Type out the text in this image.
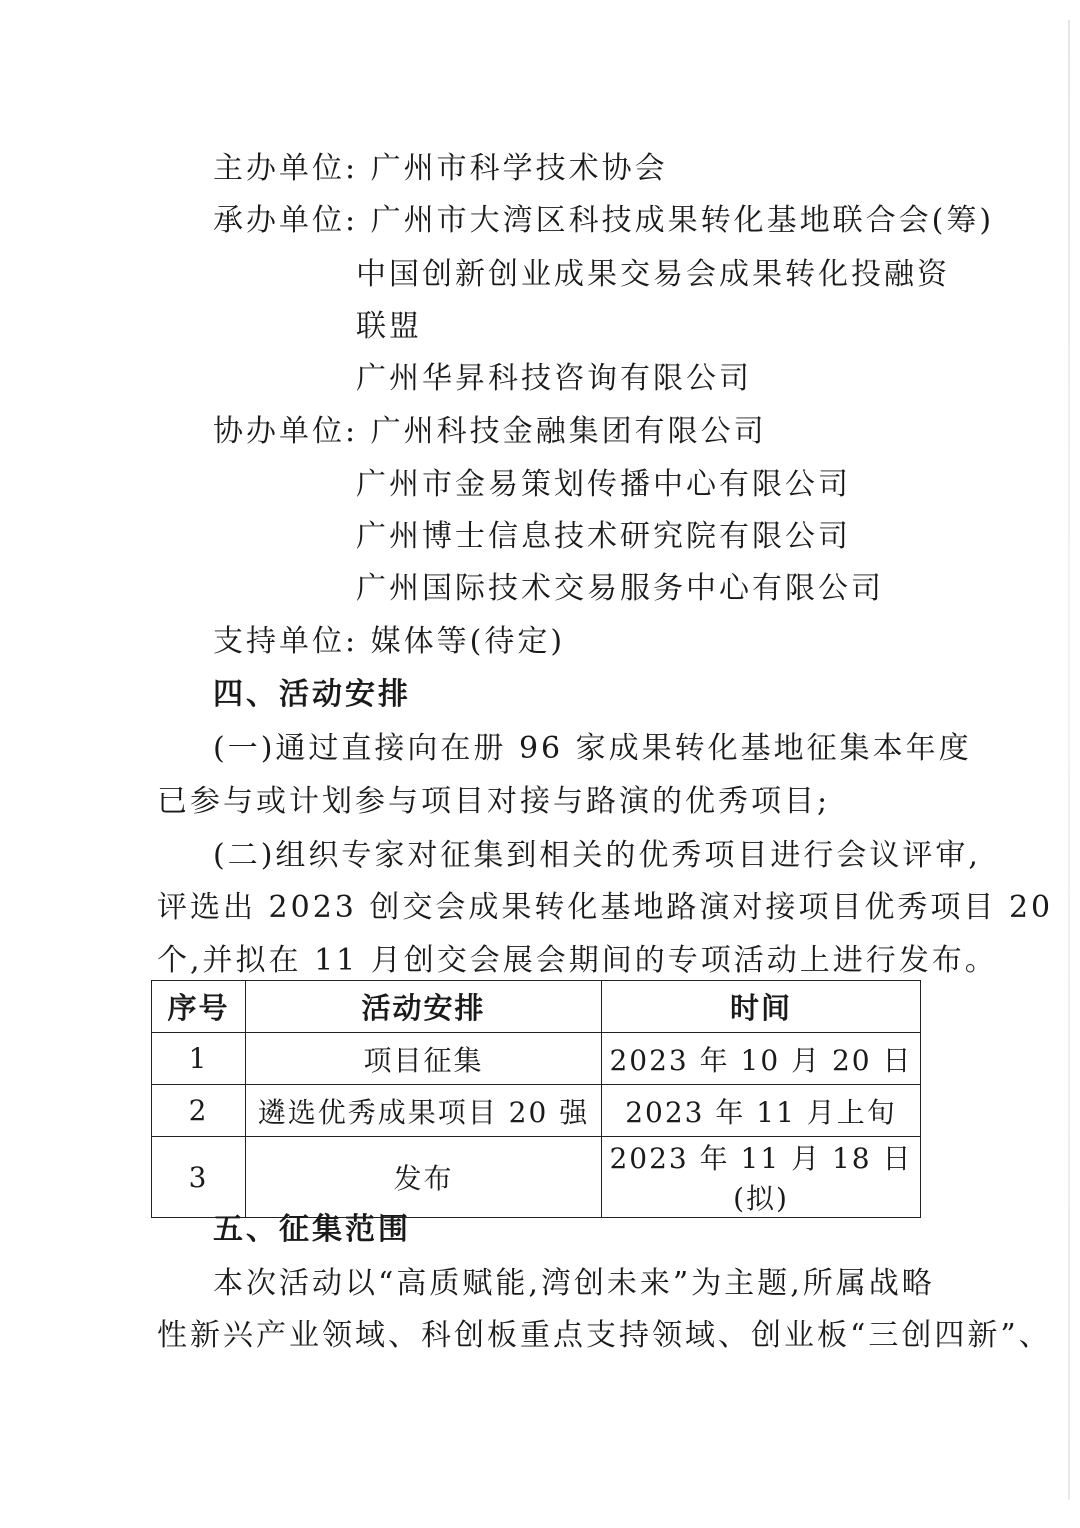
主办单位: 广州市科学技术协会
承办单位: 广州市大湾区科技成果转化基地联合会(筹)
中国创新创业成果交易会成果转化投融资
联盟
广州华昇科技咨询有限公司
协办单位: 广州科技金融集团有限公司
广州市金易策划传播中心有限公司
广州博士信息技术研究院有限公司
广州国际技术交易服务中心有限公司
支持单位: 媒体等(待定)
四、活动安排
(一)通过直接向在册 96 家成果转化基地征集本年度
已参与或计划参与项目对接与路演的优秀项目;
(二)组织专家对征集到相关的优秀项目进行会议评审,
评选出 2023 创交会成果转化基地路演对接项目优秀项目 20
个,并拟在 11 月创交会展会期间的专项活动上进行发布。
序号	活动安排	时间
1	项目征集	2023 年 10 月 20 日
2	遴选优秀成果项目 20 强	2023 年 11 月上旬
3	发布	2023 年 11 月 18 日(拟)
五、征集范围
本次活动以“高质赋能,湾创未来”为主题,所属战略
性新兴产业领域、科创板重点支持领域、创业板“三创四新”、
